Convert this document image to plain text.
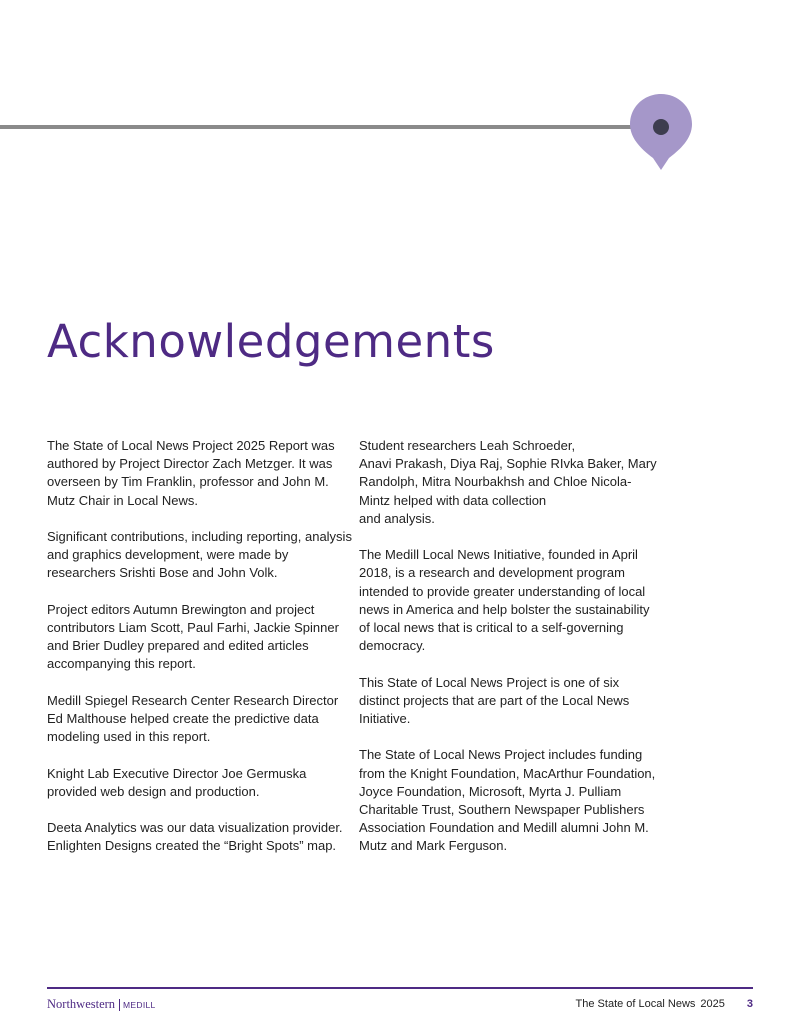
Acknowledgements

The State of Local News Project 2025 Report was authored by Project Director Zach Metzger. It was overseen by Tim Franklin, professor and John M. Mutz Chair in Local News.

Significant contributions, including reporting, analysis and graphics development, were made by researchers Srishti Bose and John Volk.

Project editors Autumn Brewington and project contributors Liam Scott, Paul Farhi, Jackie Spinner and Brier Dudley prepared and edited articles accompanying this report.

Medill Spiegel Research Center Research Director Ed Malthouse helped create the predictive data modeling used in this report.

Knight Lab Executive Director Joe Germuska provided web design and production.

Deeta Analytics was our data visualization provider. Enlighten Designs created the “Bright Spots” map.

Student researchers Leah Schroeder,
Anavi Prakash, Diya Raj, Sophie RIvka Baker, Mary Randolph, Mitra Nourbakhsh and Chloe Nicola-Mintz helped with data collection
and analysis.

The Medill Local News Initiative, founded in April 2018, is a research and development program intended to provide greater understanding of local news in America and help bolster the sustainability of local news that is critical to a self-governing democracy.

This State of Local News Project is one of six distinct projects that are part of the Local News Initiative.

The State of Local News Project includes funding from the Knight Foundation, MacArthur Foundation, Joyce Foundation, Microsoft, Myrta J. Pulliam Charitable Trust, Southern Newspaper Publishers Association Foundation and Medill alumni John M. Mutz and Mark Ferguson.

Northwestern MEDILL	The State of Local News 2025 3
